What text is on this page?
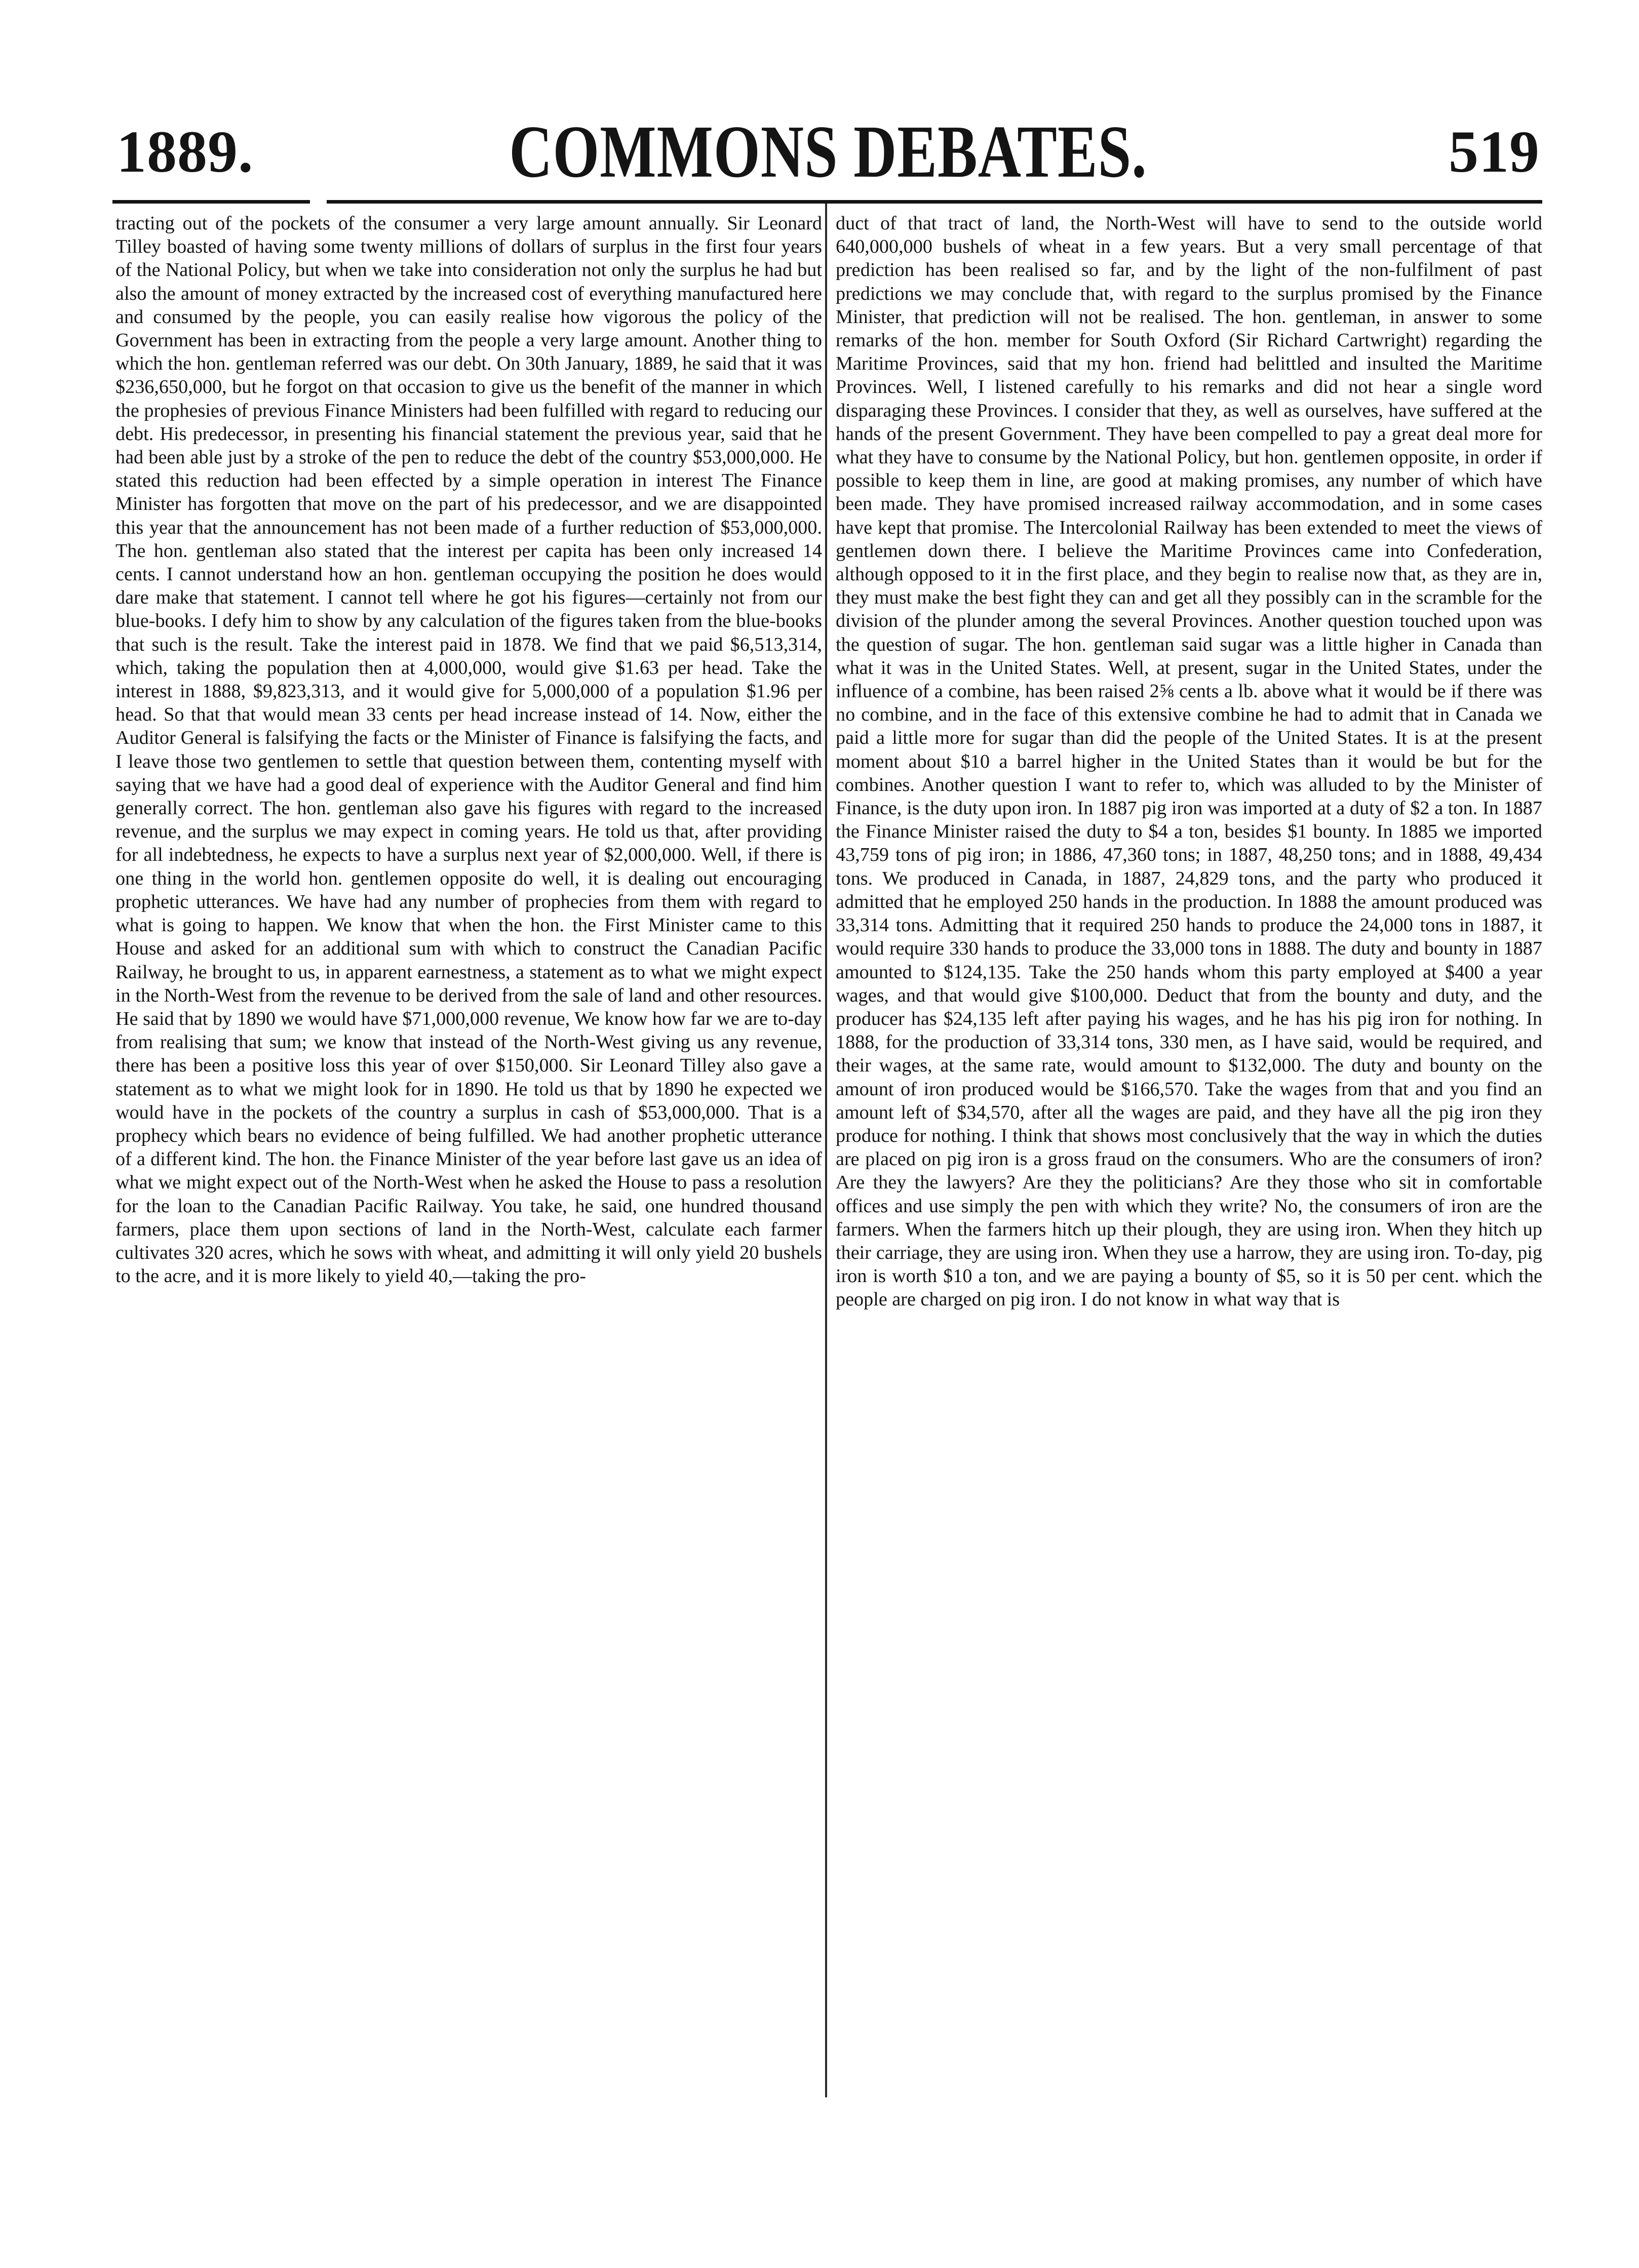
1889.	COMMONS DEBATES.	519

tracting out of the pockets of the consumer a very large amount annually. Sir Leonard Tilley boasted of having some twenty millions of dollars of surplus in the first four years of the National Policy, but when we take into consideration not only the surplus he had but also the amount of money extracted by the increased cost of everything manufactured here and consumed by the people, you can easily realise how vigorous the policy of the Government has been in extracting from the people a very large amount. Another thing to which the hon. gentleman referred was our debt. On 30th January, 1889, he said that it was $236,650,000, but he forgot on that occasion to give us the benefit of the manner in which the prophesies of previous Finance Ministers had been fulfilled with regard to reducing our debt. His predecessor, in presenting his financial statement the previous year, said that he had been able just by a stroke of the pen to reduce the debt of the country $53,000,000. He stated this reduction had been effected by a simple operation in interest The Finance Minister has forgotten that move on the part of his predecessor, and we are disappointed this year that the announcement has not been made of a further reduction of $53,000,000. The hon. gentleman also stated that the interest per capita has been only increased 14 cents. I cannot understand how an hon. gentleman occupying the position he does would dare make that statement. I cannot tell where he got his figures—certainly not from our blue-books. I defy him to show by any calculation of the figures taken from the blue-books that such is the result. Take the interest paid in 1878. We find that we paid $6,513,314, which, taking the population then at 4,000,000, would give $1.63 per head. Take the interest in 1888, $9,823,313, and it would give for 5,000,000 of a population $1.96 per head. So that that would mean 33 cents per head increase instead of 14. Now, either the Auditor General is falsifying the facts or the Minister of Finance is falsifying the facts, and I leave those two gentlemen to settle that question between them, contenting myself with saying that we have had a good deal of experience with the Auditor General and find him generally correct. The hon. gentleman also gave his figures with regard to the increased revenue, and the surplus we may expect in coming years. He told us that, after providing for all indebtedness, he expects to have a surplus next year of $2,000,000. Well, if there is one thing in the world hon. gentlemen opposite do well, it is dealing out encouraging prophetic utterances. We have had any number of prophecies from them with regard to what is going to happen. We know that when the hon. the First Minister came to this House and asked for an additional sum with which to construct the Canadian Pacific Railway, he brought to us, in apparent earnestness, a statement as to what we might expect in the North-West from the revenue to be derived from the sale of land and other resources. He said that by 1890 we would have $71,000,000 revenue, We know how far we are to-day from realising that sum; we know that instead of the North-West giving us any revenue, there has been a positive loss this year of over $150,000. Sir Leonard Tilley also gave a statement as to what we might look for in 1890. He told us that by 1890 he expected we would have in the pockets of the country a surplus in cash of $53,000,000. That is a prophecy which bears no evidence of being fulfilled. We had another prophetic utterance of a different kind. The hon. the Finance Minister of the year before last gave us an idea of what we might expect out of the North-West when he asked the House to pass a resolution for the loan to the Canadian Pacific Railway. You take, he said, one hundred thousand farmers, place them upon sections of land in the North-West, calculate each farmer cultivates 320 acres, which he sows with wheat, and admitting it will only yield 20 bushels to the acre, and it is more likely to yield 40,—taking the pro-

duct of that tract of land, the North-West will have to send to the outside world 640,000,000 bushels of wheat in a few years. But a very small percentage of that prediction has been realised so far, and by the light of the non-fulfilment of past predictions we may conclude that, with regard to the surplus promised by the Finance Minister, that prediction will not be realised. The hon. gentleman, in answer to some remarks of the hon. member for South Oxford (Sir Richard Cartwright) regarding the Maritime Provinces, said that my hon. friend had belittled and insulted the Maritime Provinces. Well, I listened carefully to his remarks and did not hear a single word disparaging these Provinces. I consider that they, as well as ourselves, have suffered at the hands of the present Government. They have been compelled to pay a great deal more for what they have to consume by the National Policy, but hon. gentlemen opposite, in order if possible to keep them in line, are good at making promises, any number of which have been made. They have promised increased railway accommodation, and in some cases have kept that promise. The Intercolonial Railway has been extended to meet the views of gentlemen down there. I believe the Maritime Provinces came into Confederation, although opposed to it in the first place, and they begin to realise now that, as they are in, they must make the best fight they can and get all they possibly can in the scramble for the division of the plunder among the several Provinces. Another question touched upon was the question of sugar. The hon. gentleman said sugar was a little higher in Canada than what it was in the United States. Well, at present, sugar in the United States, under the influence of a combine, has been raised 2⅝ cents a lb. above what it would be if there was no combine, and in the face of this extensive combine he had to admit that in Canada we paid a little more for sugar than did the people of the United States. It is at the present moment about $10 a barrel higher in the United States than it would be but for the combines. Another question I want to refer to, which was alluded to by the Minister of Finance, is the duty upon iron. In 1887 pig iron was imported at a duty of $2 a ton. In 1887 the Finance Minister raised the duty to $4 a ton, besides $1 bounty. In 1885 we imported 43,759 tons of pig iron; in 1886, 47,360 tons; in 1887, 48,250 tons; and in 1888, 49,434 tons. We produced in Canada, in 1887, 24,829 tons, and the party who produced it admitted that he employed 250 hands in the production. In 1888 the amount produced was 33,314 tons. Admitting that it required 250 hands to produce the 24,000 tons in 1887, it would require 330 hands to produce the 33,000 tons in 1888. The duty and bounty in 1887 amounted to $124,135. Take the 250 hands whom this party employed at $400 a year wages, and that would give $100,000. Deduct that from the bounty and duty, and the producer has $24,135 left after paying his wages, and he has his pig iron for nothing. In 1888, for the production of 33,314 tons, 330 men, as I have said, would be required, and their wages, at the same rate, would amount to $132,000. The duty and bounty on the amount of iron produced would be $166,570. Take the wages from that and you find an amount left of $34,570, after all the wages are paid, and they have all the pig iron they produce for nothing. I think that shows most conclusively that the way in which the duties are placed on pig iron is a gross fraud on the consumers. Who are the consumers of iron? Are they the lawyers? Are they the politicians? Are they those who sit in comfortable offices and use simply the pen with which they write? No, the consumers of iron are the farmers. When the farmers hitch up their plough, they are using iron. When they hitch up their carriage, they are using iron. When they use a harrow, they are using iron. To-day, pig iron is worth $10 a ton, and we are paying a bounty of $5, so it is 50 per cent. which the people are charged on pig iron. I do not know in what way that is
